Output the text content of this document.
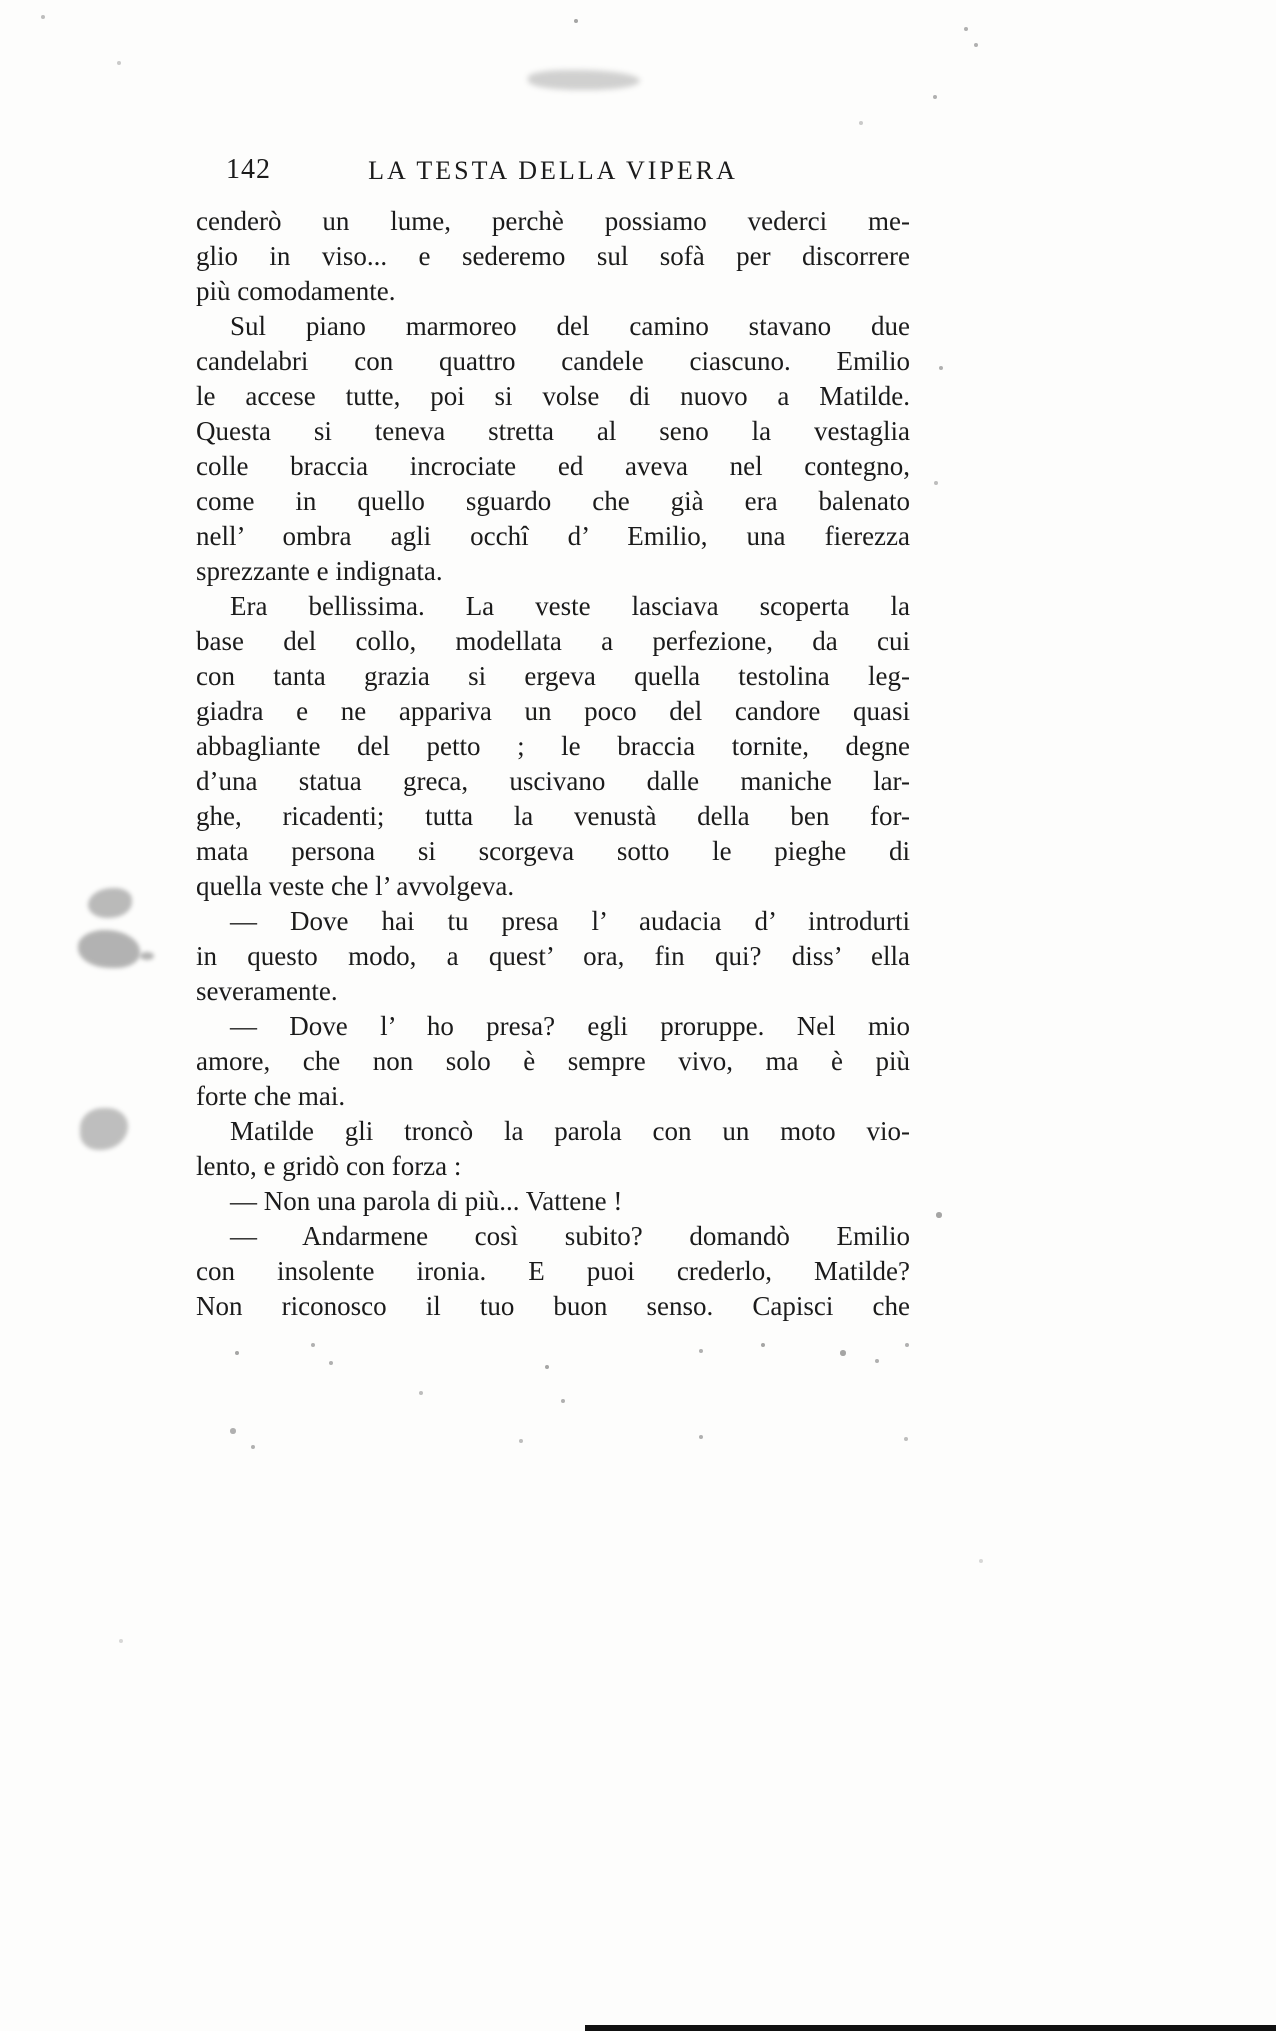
142	LA TESTA DELLA VIPERA
cenderò un lume, perchè possiamo vederci me-
glio in viso... e sederemo sul sofà per discorrere
più comodamente.
Sul piano marmoreo del camino stavano due
candelabri con quattro candele ciascuno. Emilio
le accese tutte, poi si volse di nuovo a Matilde.
Questa si teneva stretta al seno la vestaglia
colle braccia incrociate ed aveva nel contegno,
come in quello sguardo che già era balenato
nell’ ombra agli occhî d’ Emilio, una fierezza
sprezzante e indignata.
Era bellissima. La veste lasciava scoperta la
base del collo, modellata a perfezione, da cui
con tanta grazia si ergeva quella testolina leg-
giadra e ne appariva un poco del candore quasi
abbagliante del petto ; le braccia tornite, degne
d’una statua greca, uscivano dalle maniche lar-
ghe, ricadenti; tutta la venustà della ben for-
mata persona si scorgeva sotto le pieghe di
quella veste che l’ avvolgeva.
— Dove hai tu presa l’ audacia d’ introdurti
in questo modo, a quest’ ora, fin qui? diss’ ella
severamente.
— Dove l’ ho presa? egli proruppe. Nel mio
amore, che non solo è sempre vivo, ma è più
forte che mai.
Matilde gli troncò la parola con un moto vio-
lento, e gridò con forza :
— Non una parola di più... Vattene !
— Andarmene così subito? domandò Emilio
con insolente ironia. E puoi crederlo, Matilde?
Non riconosco il tuo buon senso. Capisci che
